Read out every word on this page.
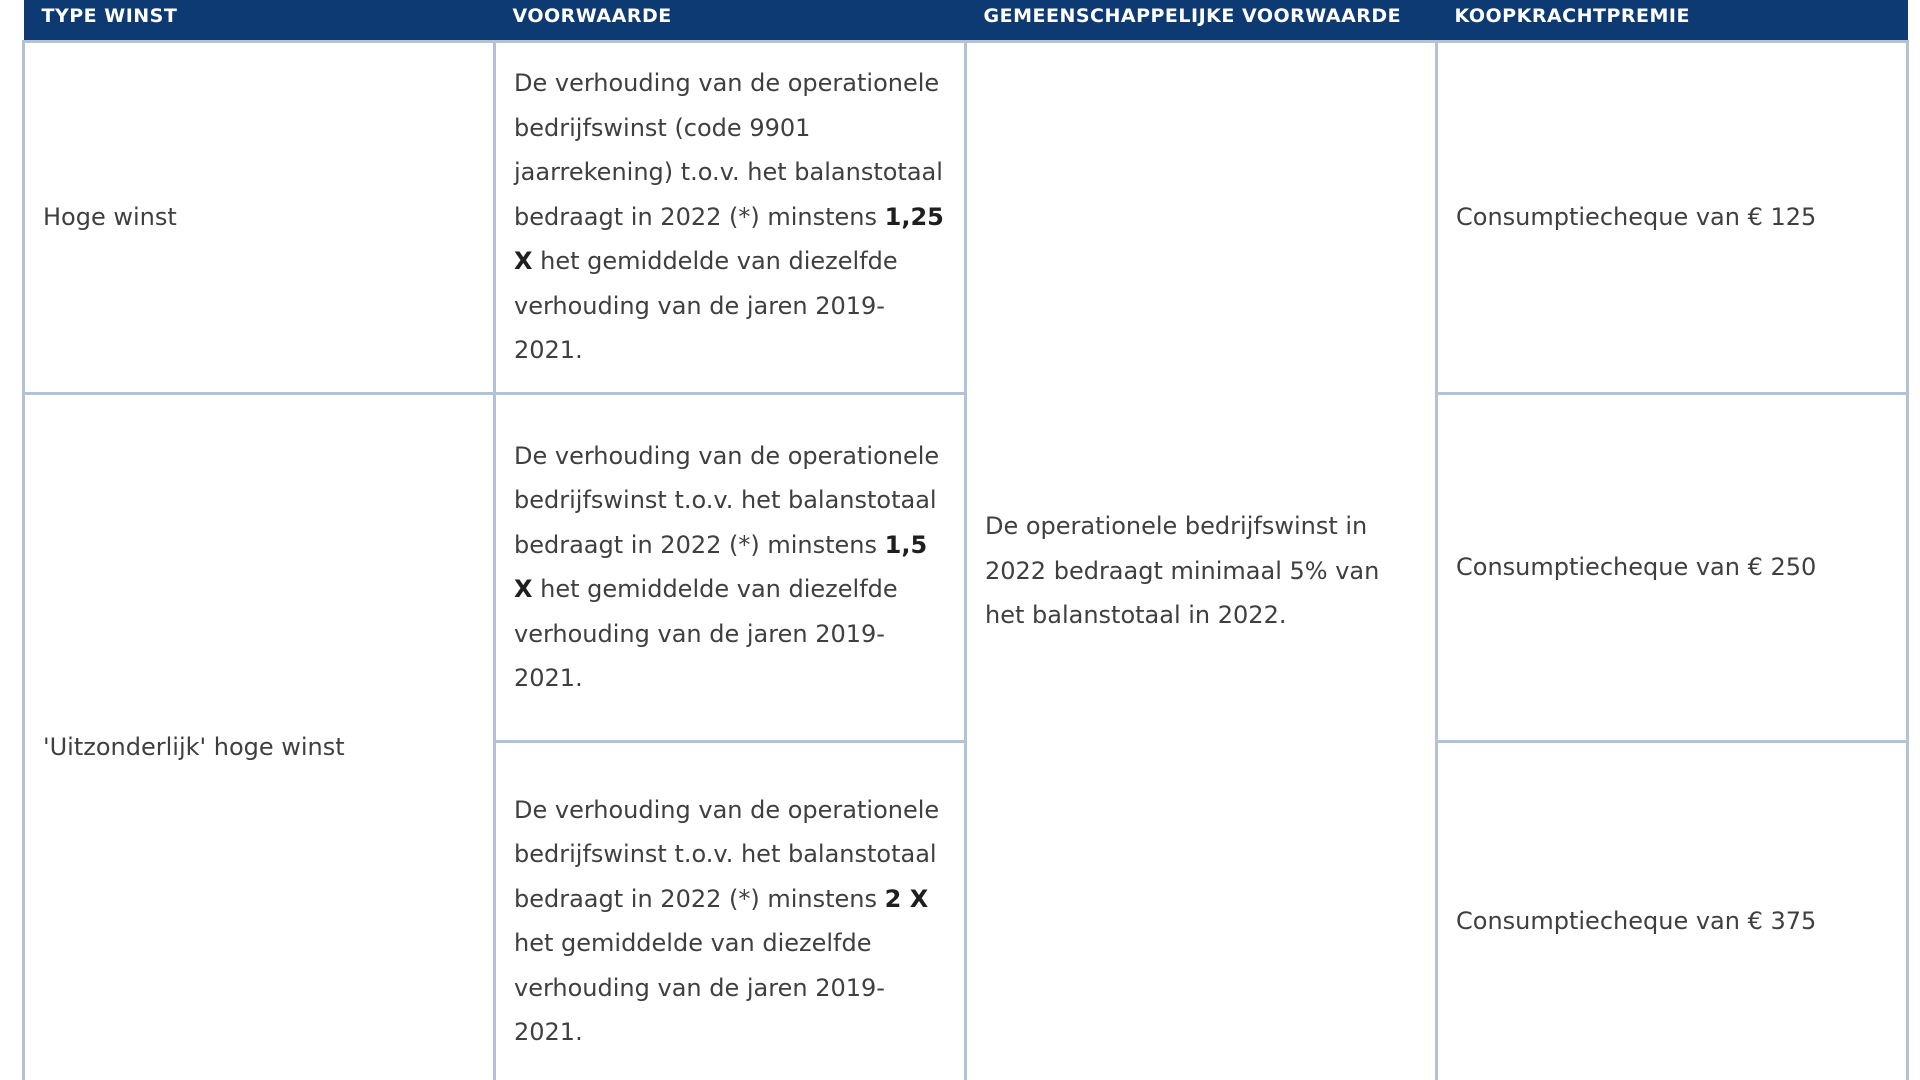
TYPE WINST	VOORWAARDE	GEMEENSCHAPPELIJKE VOORWAARDE	KOOPKRACHTPREMIE
Hoge winst	De verhouding van de operationele bedrijfswinst (code 9901 jaarrekening) t.o.v. het balanstotaal bedraagt in 2022 (*) minstens 1,25 X het gemiddelde van diezelfde verhouding van de jaren 2019-2021.	De operationele bedrijfswinst in 2022 bedraagt minimaal 5% van het balanstotaal in 2022.	Consumptiecheque van € 125
'Uitzonderlijk' hoge winst	De verhouding van de operationele bedrijfswinst t.o.v. het balanstotaal bedraagt in 2022 (*) minstens 1,5 X het gemiddelde van diezelfde verhouding van de jaren 2019-2021.		Consumptiecheque van € 250
	De verhouding van de operationele bedrijfswinst t.o.v. het balanstotaal bedraagt in 2022 (*) minstens 2 X het gemiddelde van diezelfde verhouding van de jaren 2019-2021.		Consumptiecheque van € 375
